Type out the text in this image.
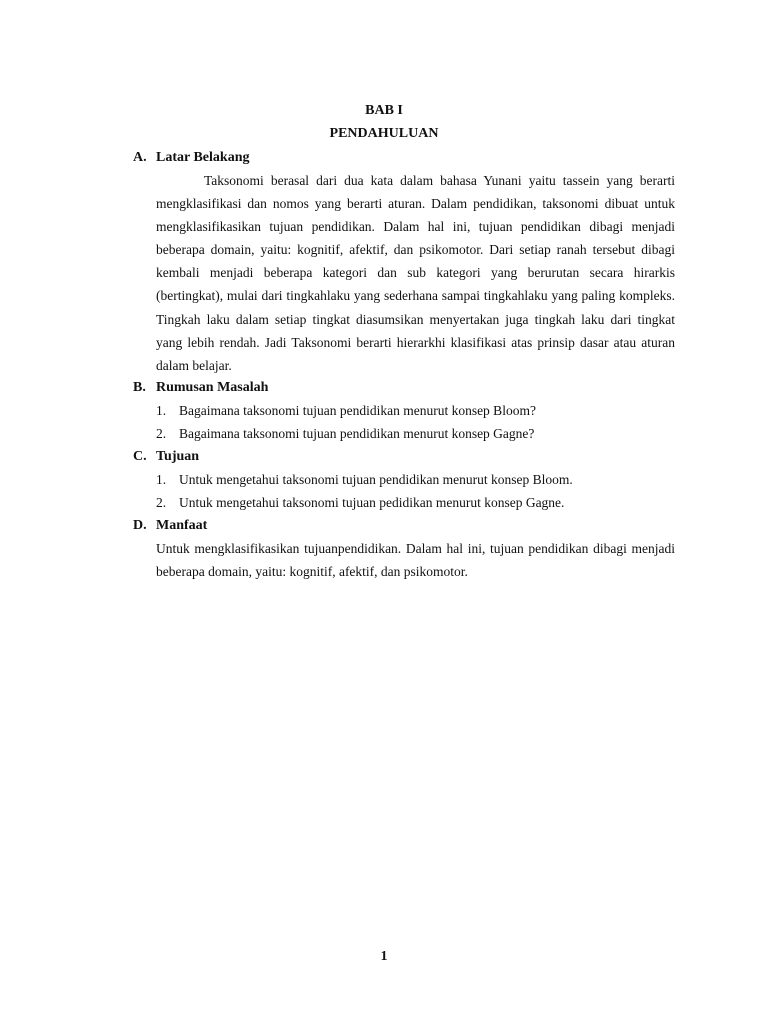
BAB I
PENDAHULUAN
A. Latar Belakang

Taksonomi berasal dari dua kata dalam bahasa Yunani yaitu tassein yang berarti mengklasifikasi dan nomos yang berarti aturan. Dalam pendidikan, taksonomi dibuat untuk mengklasifikasikan tujuan pendidikan. Dalam hal ini, tujuan pendidikan dibagi menjadi beberapa domain, yaitu: kognitif, afektif, dan psikomotor. Dari setiap ranah tersebut dibagi kembali menjadi beberapa kategori dan sub kategori yang berurutan secara hirarkis (bertingkat), mulai dari tingkahlaku yang sederhana sampai tingkahlaku yang paling kompleks. Tingkah laku dalam setiap tingkat diasumsikan menyertakan juga tingkah laku dari tingkat yang lebih rendah. Jadi Taksonomi berarti hierarkhi klasifikasi atas prinsip dasar atau aturan dalam belajar.

B. Rumusan Masalah
1. Bagaimana taksonomi tujuan pendidikan menurut konsep Bloom?
2. Bagaimana taksonomi tujuan pendidikan menurut konsep Gagne?
C. Tujuan
1. Untuk mengetahui taksonomi tujuan pendidikan menurut konsep Bloom.
2. Untuk mengetahui taksonomi tujuan pedidikan menurut konsep Gagne.
D. Manfaat

Untuk mengklasifikasikan tujuanpendidikan. Dalam hal ini, tujuan pendidikan dibagi menjadi beberapa domain, yaitu: kognitif, afektif, dan psikomotor.

1
